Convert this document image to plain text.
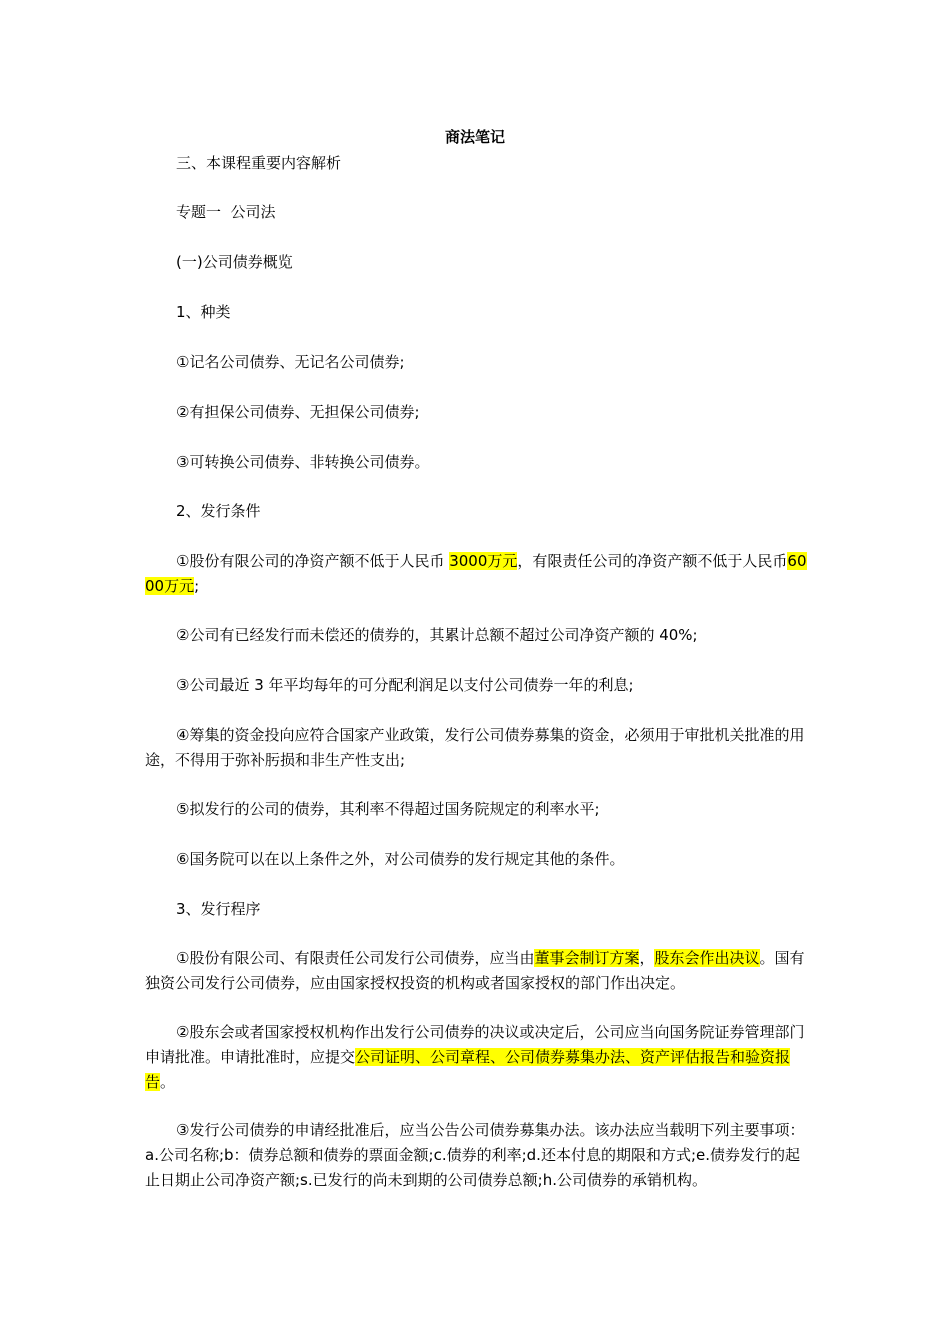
商法笔记
三、本课程重要内容解析
专题一  公司法
(一)公司债券概览
1、种类
①记名公司债券、无记名公司债券;
②有担保公司债券、无担保公司债券;
③可转换公司债券、非转换公司债券。
2、发行条件
①股份有限公司的净资产额不低于人民币 3000万元，有限责任公司的净资产额不低于人民币6000万元;
②公司有已经发行而未偿还的债券的，其累计总额不超过公司净资产额的 40%;
③公司最近 3 年平均每年的可分配利润足以支付公司债券一年的利息;
④筹集的资金投向应符合国家产业政策，发行公司债券募集的资金，必须用于审批机关批准的用途，不得用于弥补肟损和非生产性支出;
⑤拟发行的公司的债券，其利率不得超过国务院规定的利率水平;
⑥国务院可以在以上条件之外，对公司债券的发行规定其他的条件。
3、发行程序
①股份有限公司、有限责任公司发行公司债券，应当由董事会制订方案，股东会作出决议。国有独资公司发行公司债券，应由国家授权投资的机构或者国家授权的部门作出决定。
②股东会或者国家授权机构作出发行公司债券的决议或决定后，公司应当向国务院证券管理部门申请批准。申请批准时，应提交公司证明、公司章程、公司债券募集办法、资产评估报告和验资报告。
③发行公司债券的申请经批准后，应当公告公司债券募集办法。该办法应当载明下列主要事项：a.公司名称;b：债券总额和债券的票面金额;c.债券的利率;d.还本付息的期限和方式;e.债券发行的起止日期止公司净资产额;s.已发行的尚未到期的公司债券总额;h.公司债券的承销机构。
